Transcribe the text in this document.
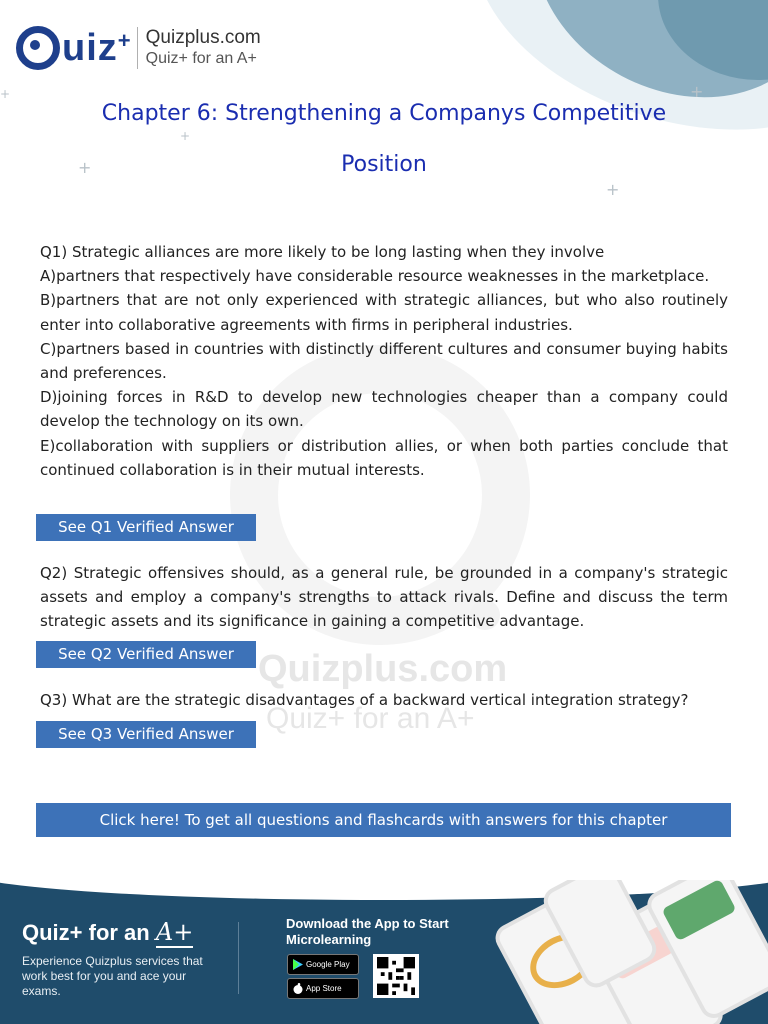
+
+
+
+
+
Quizplus.com
Quiz+ for an A+
uiz + Quizplus.com
Quiz+ for an A+
Chapter 6: Strengthening a Companys Competitive
Position
Q1) Strategic alliances are more likely to be long lasting when they involve
A)partners that respectively have considerable resource weaknesses in the marketplace.
B)partners that are not only experienced with strategic alliances, but who also routinely enter into collaborative agreements with firms in peripheral industries.
C)partners based in countries with distinctly different cultures and consumer buying habits and preferences.
D)joining forces in R&D to develop new technologies cheaper than a company could develop the technology on its own.
E)collaboration with suppliers or distribution allies, or when both parties conclude that continued collaboration is in their mutual interests.
See Q1 Verified Answer
Q2) Strategic offensives should, as a general rule, be grounded in a company's strategic assets and employ a company's strengths to attack rivals. Define and discuss the term strategic assets and its significance in gaining a competitive advantage.
See Q2 Verified Answer
Q3) What are the strategic disadvantages of a backward vertical integration strategy?
See Q3 Verified Answer
Click here! To get all questions and flashcards with answers for this chapter
Quiz+ for an A+
Experience Quizplus services that work best for you and ace your exams.
Download the App to Start Microlearning
Google Play
App Store
